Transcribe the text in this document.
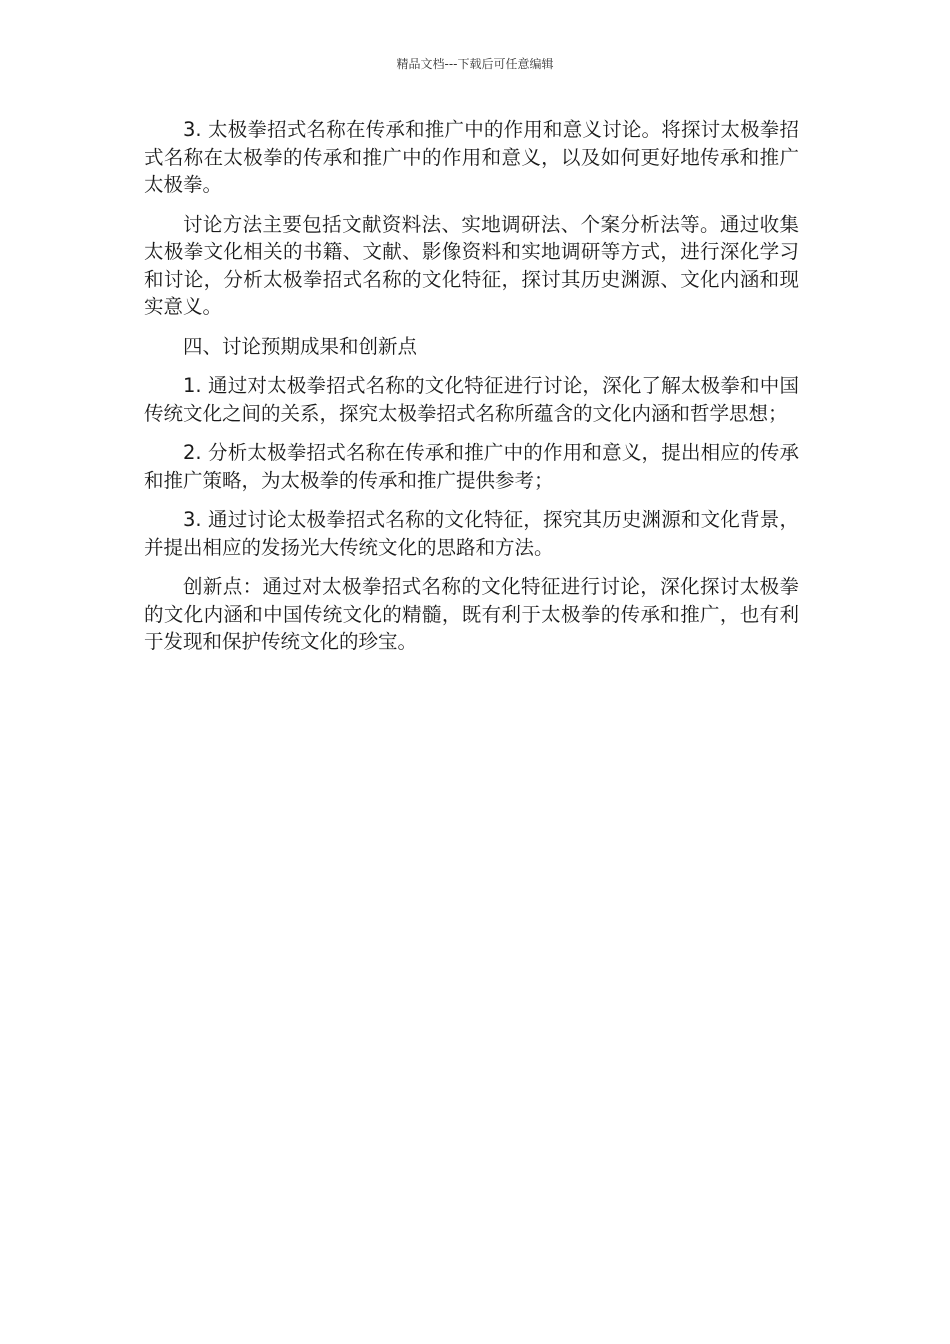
精品文档---下载后可任意编辑

3. 太极拳招式名称在传承和推广中的作用和意义讨论。将探讨太极拳招式名称在太极拳的传承和推广中的作用和意义，以及如何更好地传承和推广太极拳。

讨论方法主要包括文献资料法、实地调研法、个案分析法等。通过收集太极拳文化相关的书籍、文献、影像资料和实地调研等方式，进行深化学习和讨论，分析太极拳招式名称的文化特征，探讨其历史渊源、文化内涵和现实意义。

四、讨论预期成果和创新点

1. 通过对太极拳招式名称的文化特征进行讨论，深化了解太极拳和中国传统文化之间的关系，探究太极拳招式名称所蕴含的文化内涵和哲学思想；

2. 分析太极拳招式名称在传承和推广中的作用和意义，提出相应的传承和推广策略，为太极拳的传承和推广提供参考；

3. 通过讨论太极拳招式名称的文化特征，探究其历史渊源和文化背景，并提出相应的发扬光大传统文化的思路和方法。

创新点：通过对太极拳招式名称的文化特征进行讨论，深化探讨太极拳的文化内涵和中国传统文化的精髓，既有利于太极拳的传承和推广，也有利于发现和保护传统文化的珍宝。
